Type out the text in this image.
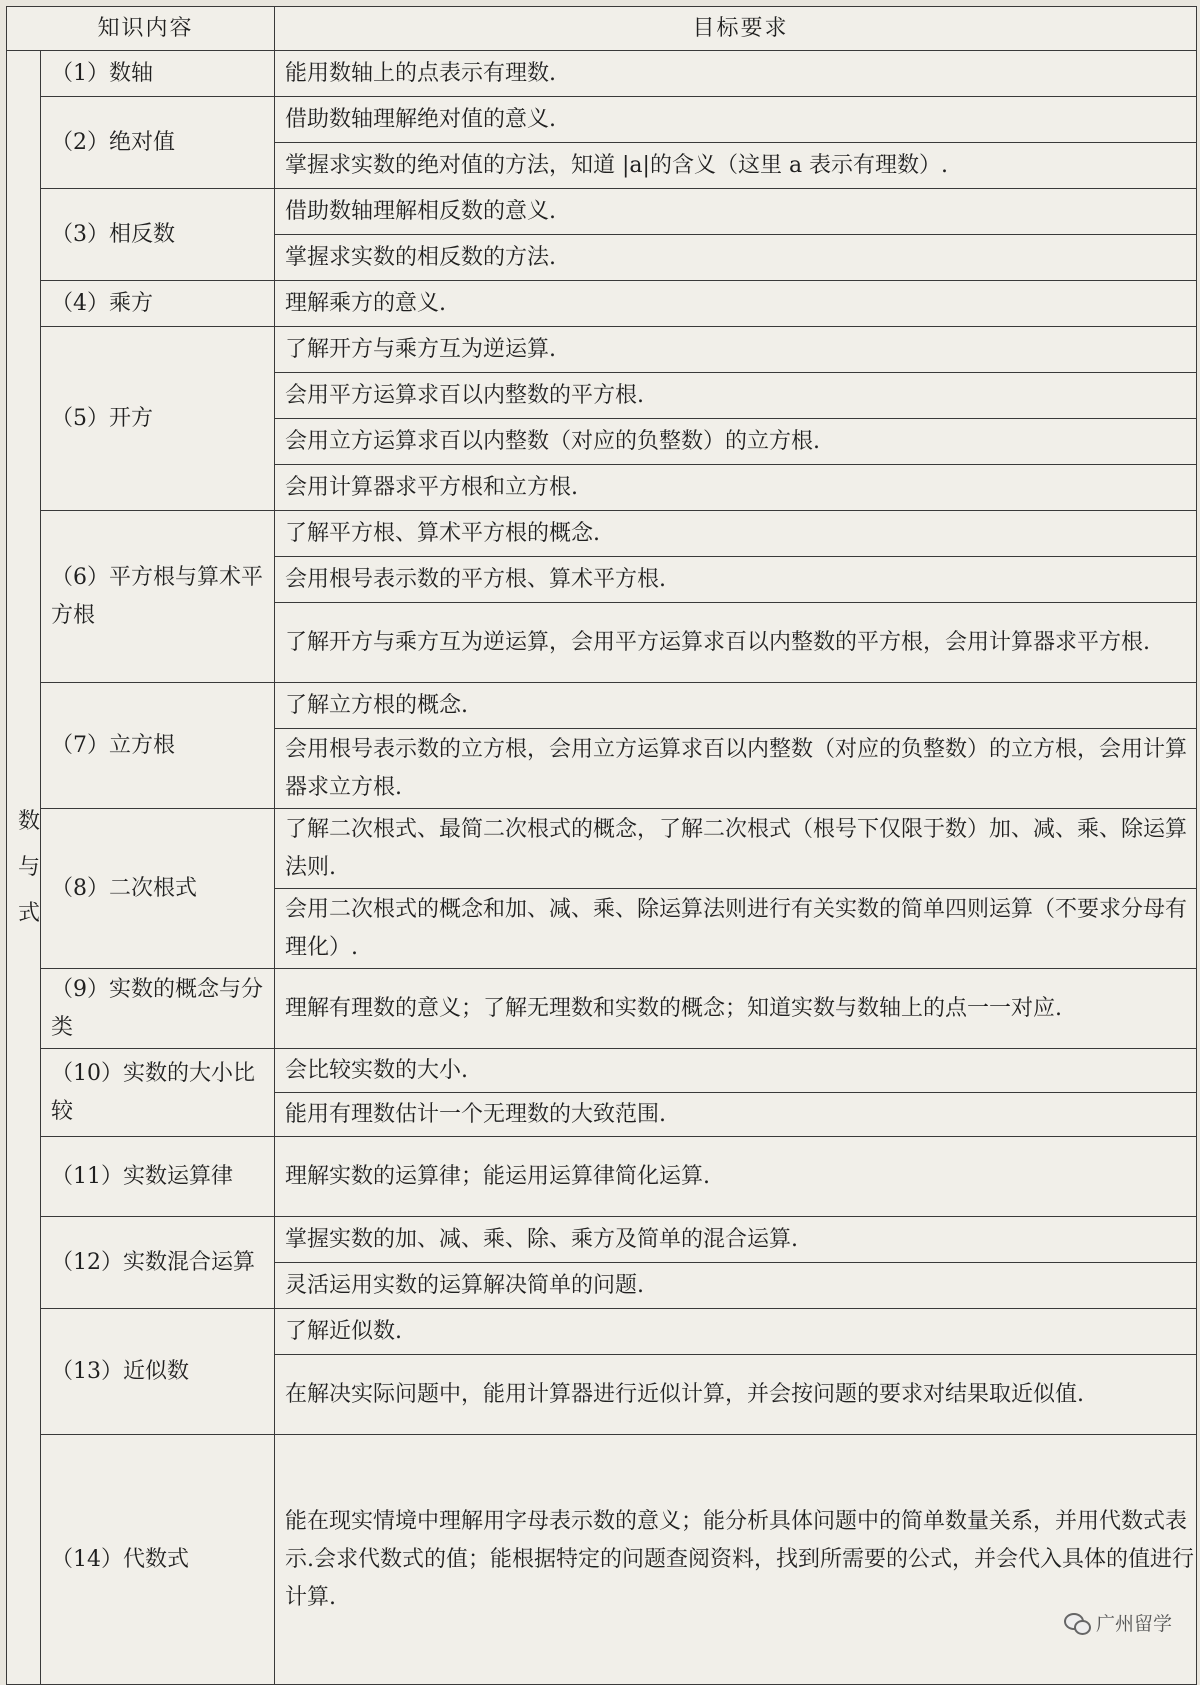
知识内容		目标要求
数与式	（1）数轴	能用数轴上的点表示有理数.
	（2）绝对值	借助数轴理解绝对值的意义.
		掌握求实数的绝对值的方法，知道 |a|的含义（这里 a 表示有理数）.
	（3）相反数	借助数轴理解相反数的意义.
		掌握求实数的相反数的方法.
	（4）乘方	理解乘方的意义.
	（5）开方	了解开方与乘方互为逆运算.
		会用平方运算求百以内整数的平方根.
		会用立方运算求百以内整数（对应的负整数）的立方根.
		会用计算器求平方根和立方根.
	（6）平方根与算术平方根	了解平方根、算术平方根的概念.
		会用根号表示数的平方根、算术平方根.
		了解开方与乘方互为逆运算，会用平方运算求百以内整数的平方根，会用计算器求平方根.
	（7）立方根	了解立方根的概念.
		会用根号表示数的立方根，会用立方运算求百以内整数（对应的负整数）的立方根，会用计算器求立方根.
	（8）二次根式	了解二次根式、最简二次根式的概念，了解二次根式（根号下仅限于数）加、减、乘、除运算法则.
		会用二次根式的概念和加、减、乘、除运算法则进行有关实数的简单四则运算（不要求分母有理化）.
	（9）实数的概念与分类	理解有理数的意义；了解无理数和实数的概念；知道实数与数轴上的点一一对应.
	（10）实数的大小比较	会比较实数的大小.
		能用有理数估计一个无理数的大致范围.
	（11）实数运算律	理解实数的运算律；能运用运算律简化运算.
	（12）实数混合运算	掌握实数的加、减、乘、除、乘方及简单的混合运算.
		灵活运用实数的运算解决简单的问题.
	（13）近似数	了解近似数.
		在解决实际问题中，能用计算器进行近似计算，并会按问题的要求对结果取近似值.
	（14）代数式	能在现实情境中理解用字母表示数的意义；能分析具体问题中的简单数量关系，并用代数式表示.会求代数式的值；能根据特定的问题查阅资料，找到所需要的公式，并会代入具体的值进行计算.
广州留学
